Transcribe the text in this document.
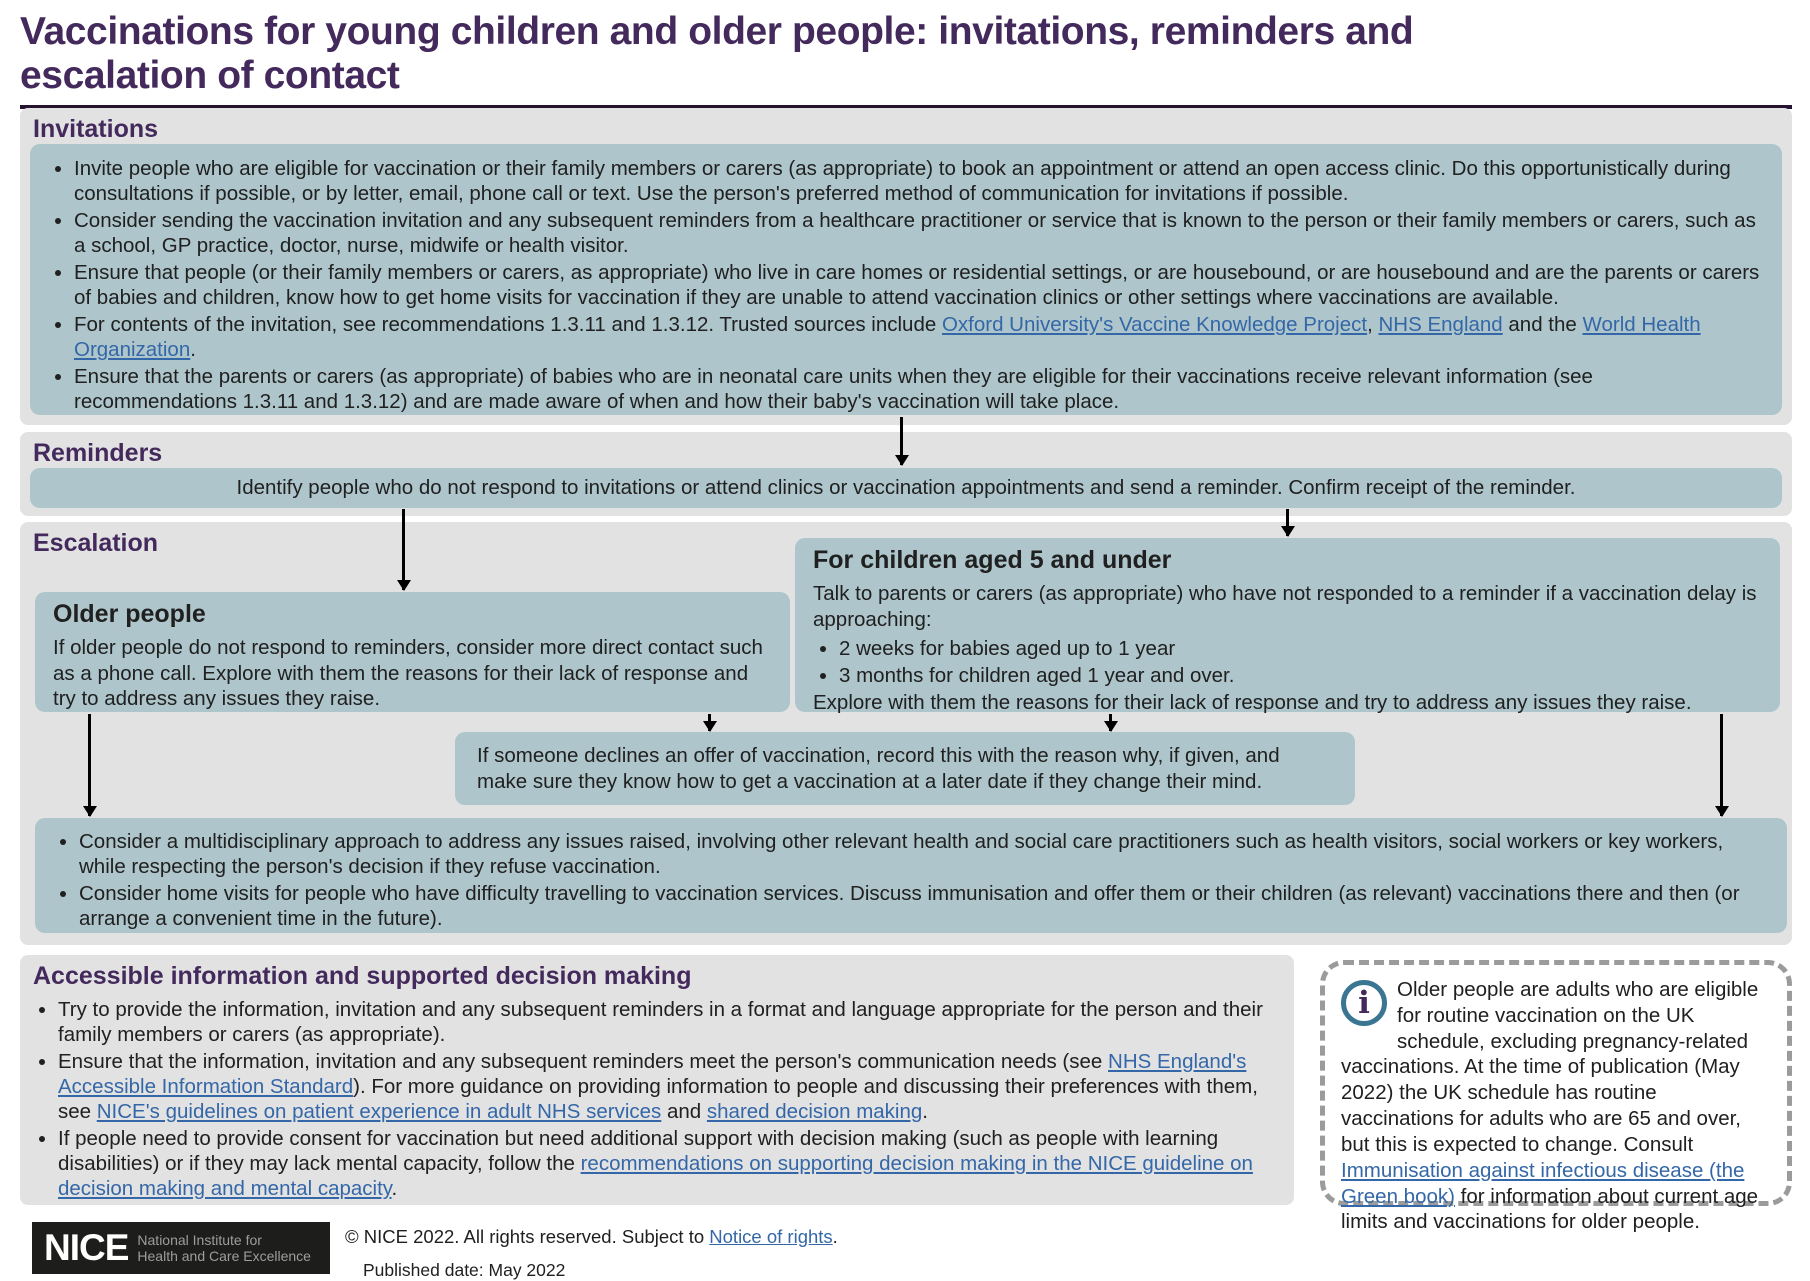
Vaccinations for young children and older people: invitations, reminders and
escalation of contact
Invitations
• Invite people who are eligible for vaccination or their family members or carers (as appropriate) to book an appointment or attend an open access clinic. Do this opportunistically during consultations if possible, or by letter, email, phone call or text. Use the person's preferred method of communication for invitations if possible.
• Consider sending the vaccination invitation and any subsequent reminders from a healthcare practitioner or service that is known to the person or their family members or carers, such as a school, GP practice, doctor, nurse, midwife or health visitor.
• Ensure that people (or their family members or carers, as appropriate) who live in care homes or residential settings, or are housebound, or are housebound and are the parents or carers of babies and children, know how to get home visits for vaccination if they are unable to attend vaccination clinics or other settings where vaccinations are available.
• For contents of the invitation, see recommendations 1.3.11 and 1.3.12. Trusted sources include Oxford University's Vaccine Knowledge Project, NHS England and the World Health Organization.
• Ensure that the parents or carers (as appropriate) of babies who are in neonatal care units when they are eligible for their vaccinations receive relevant information (see recommendations 1.3.11 and 1.3.12) and are made aware of when and how their baby's vaccination will take place.
Reminders
Identify people who do not respond to invitations or attend clinics or vaccination appointments and send a reminder. Confirm receipt of the reminder.
Escalation
Older people
If older people do not respond to reminders, consider more direct contact such as a phone call. Explore with them the reasons for their lack of response and try to address any issues they raise.
For children aged 5 and under
Talk to parents or carers (as appropriate) who have not responded to a reminder if a vaccination delay is approaching:
• 2 weeks for babies aged up to 1 year
• 3 months for children aged 1 year and over.
Explore with them the reasons for their lack of response and try to address any issues they raise.
If someone declines an offer of vaccination, record this with the reason why, if given, and make sure they know how to get a vaccination at a later date if they change their mind.
• Consider a multidisciplinary approach to address any issues raised, involving other relevant health and social care practitioners such as health visitors, social workers or key workers, while respecting the person's decision if they refuse vaccination.
• Consider home visits for people who have difficulty travelling to vaccination services. Discuss immunisation and offer them or their children (as relevant) vaccinations there and then (or arrange a convenient time in the future).
Accessible information and supported decision making
• Try to provide the information, invitation and any subsequent reminders in a format and language appropriate for the person and their family members or carers (as appropriate).
• Ensure that the information, invitation and any subsequent reminders meet the person's communication needs (see NHS England's Accessible Information Standard). For more guidance on providing information to people and discussing their preferences with them, see NICE's guidelines on patient experience in adult NHS services and shared decision making.
• If people need to provide consent for vaccination but need additional support with decision making (such as people with learning disabilities) or if they may lack mental capacity, follow the recommendations on supporting decision making in the NICE guideline on decision making and mental capacity.
i	Older people are adults who are eligible for routine vaccination on the UK schedule, excluding pregnancy-related vaccinations. At the time of publication (May 2022) the UK schedule has routine vaccinations for adults who are 65 and over, but this is expected to change. Consult Immunisation against infectious disease (the Green book) for information about current age limits and vaccinations for older people.
NICE National Institute for
Health and Care Excellence
© NICE 2022. All rights reserved. Subject to Notice of rights.
Published date: May 2022
